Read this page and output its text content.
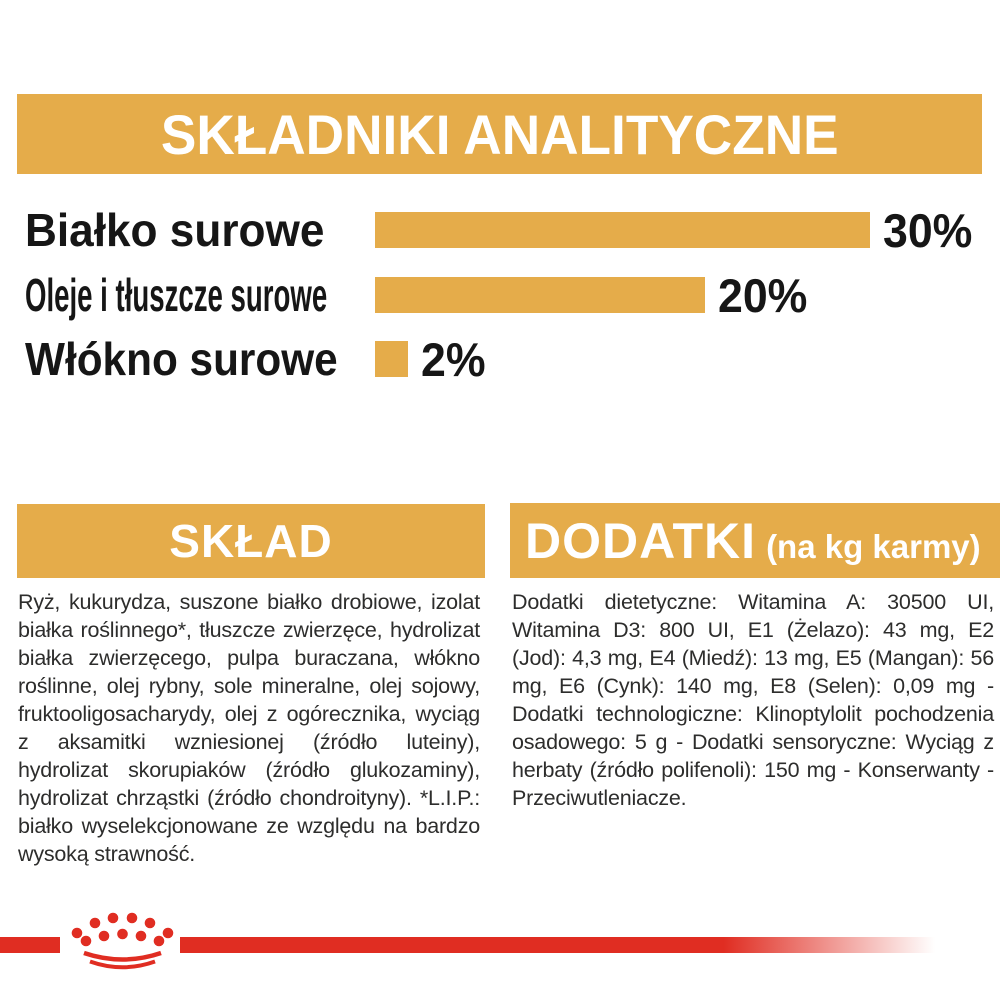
SKŁADNIKI ANALITYCZNE
Białko surowe	30%
Oleje i tłuszcze surowe	20%
Włókno surowe	2%
SKŁAD
Ryż, kukurydza, suszone białko drobiowe, izolat białka roślinnego*, tłuszcze zwierzęce, hydrolizat białka zwierzęcego, pulpa buraczana, włókno roślinne, olej rybny, sole mineralne, olej sojowy, fruktooligosacharydy, olej z ogórecznika, wyciąg z aksamitki wzniesionej (źródło luteiny), hydrolizat skorupiaków (źródło glukozaminy), hydrolizat chrząstki (źródło chondroityny). *L.I.P.: białko wyselekcjonowane ze względu na bardzo wysoką strawność.
DODATKI (na kg karmy)
Dodatki dietetyczne: Witamina A: 30500 UI, Witamina D3: 800 UI, E1 (Żelazo): 43 mg, E2 (Jod): 4,3 mg, E4 (Miedź): 13 mg, E5 (Mangan): 56 mg, E6 (Cynk): 140 mg, E8 (Selen): 0,09 mg - Dodatki technologiczne: Klinoptylolit pochodzenia osadowego: 5 g - Dodatki sensoryczne: Wyciąg z herbaty (źródło polifenoli): 150 mg - Konserwanty - Przeciwutleniacze.
